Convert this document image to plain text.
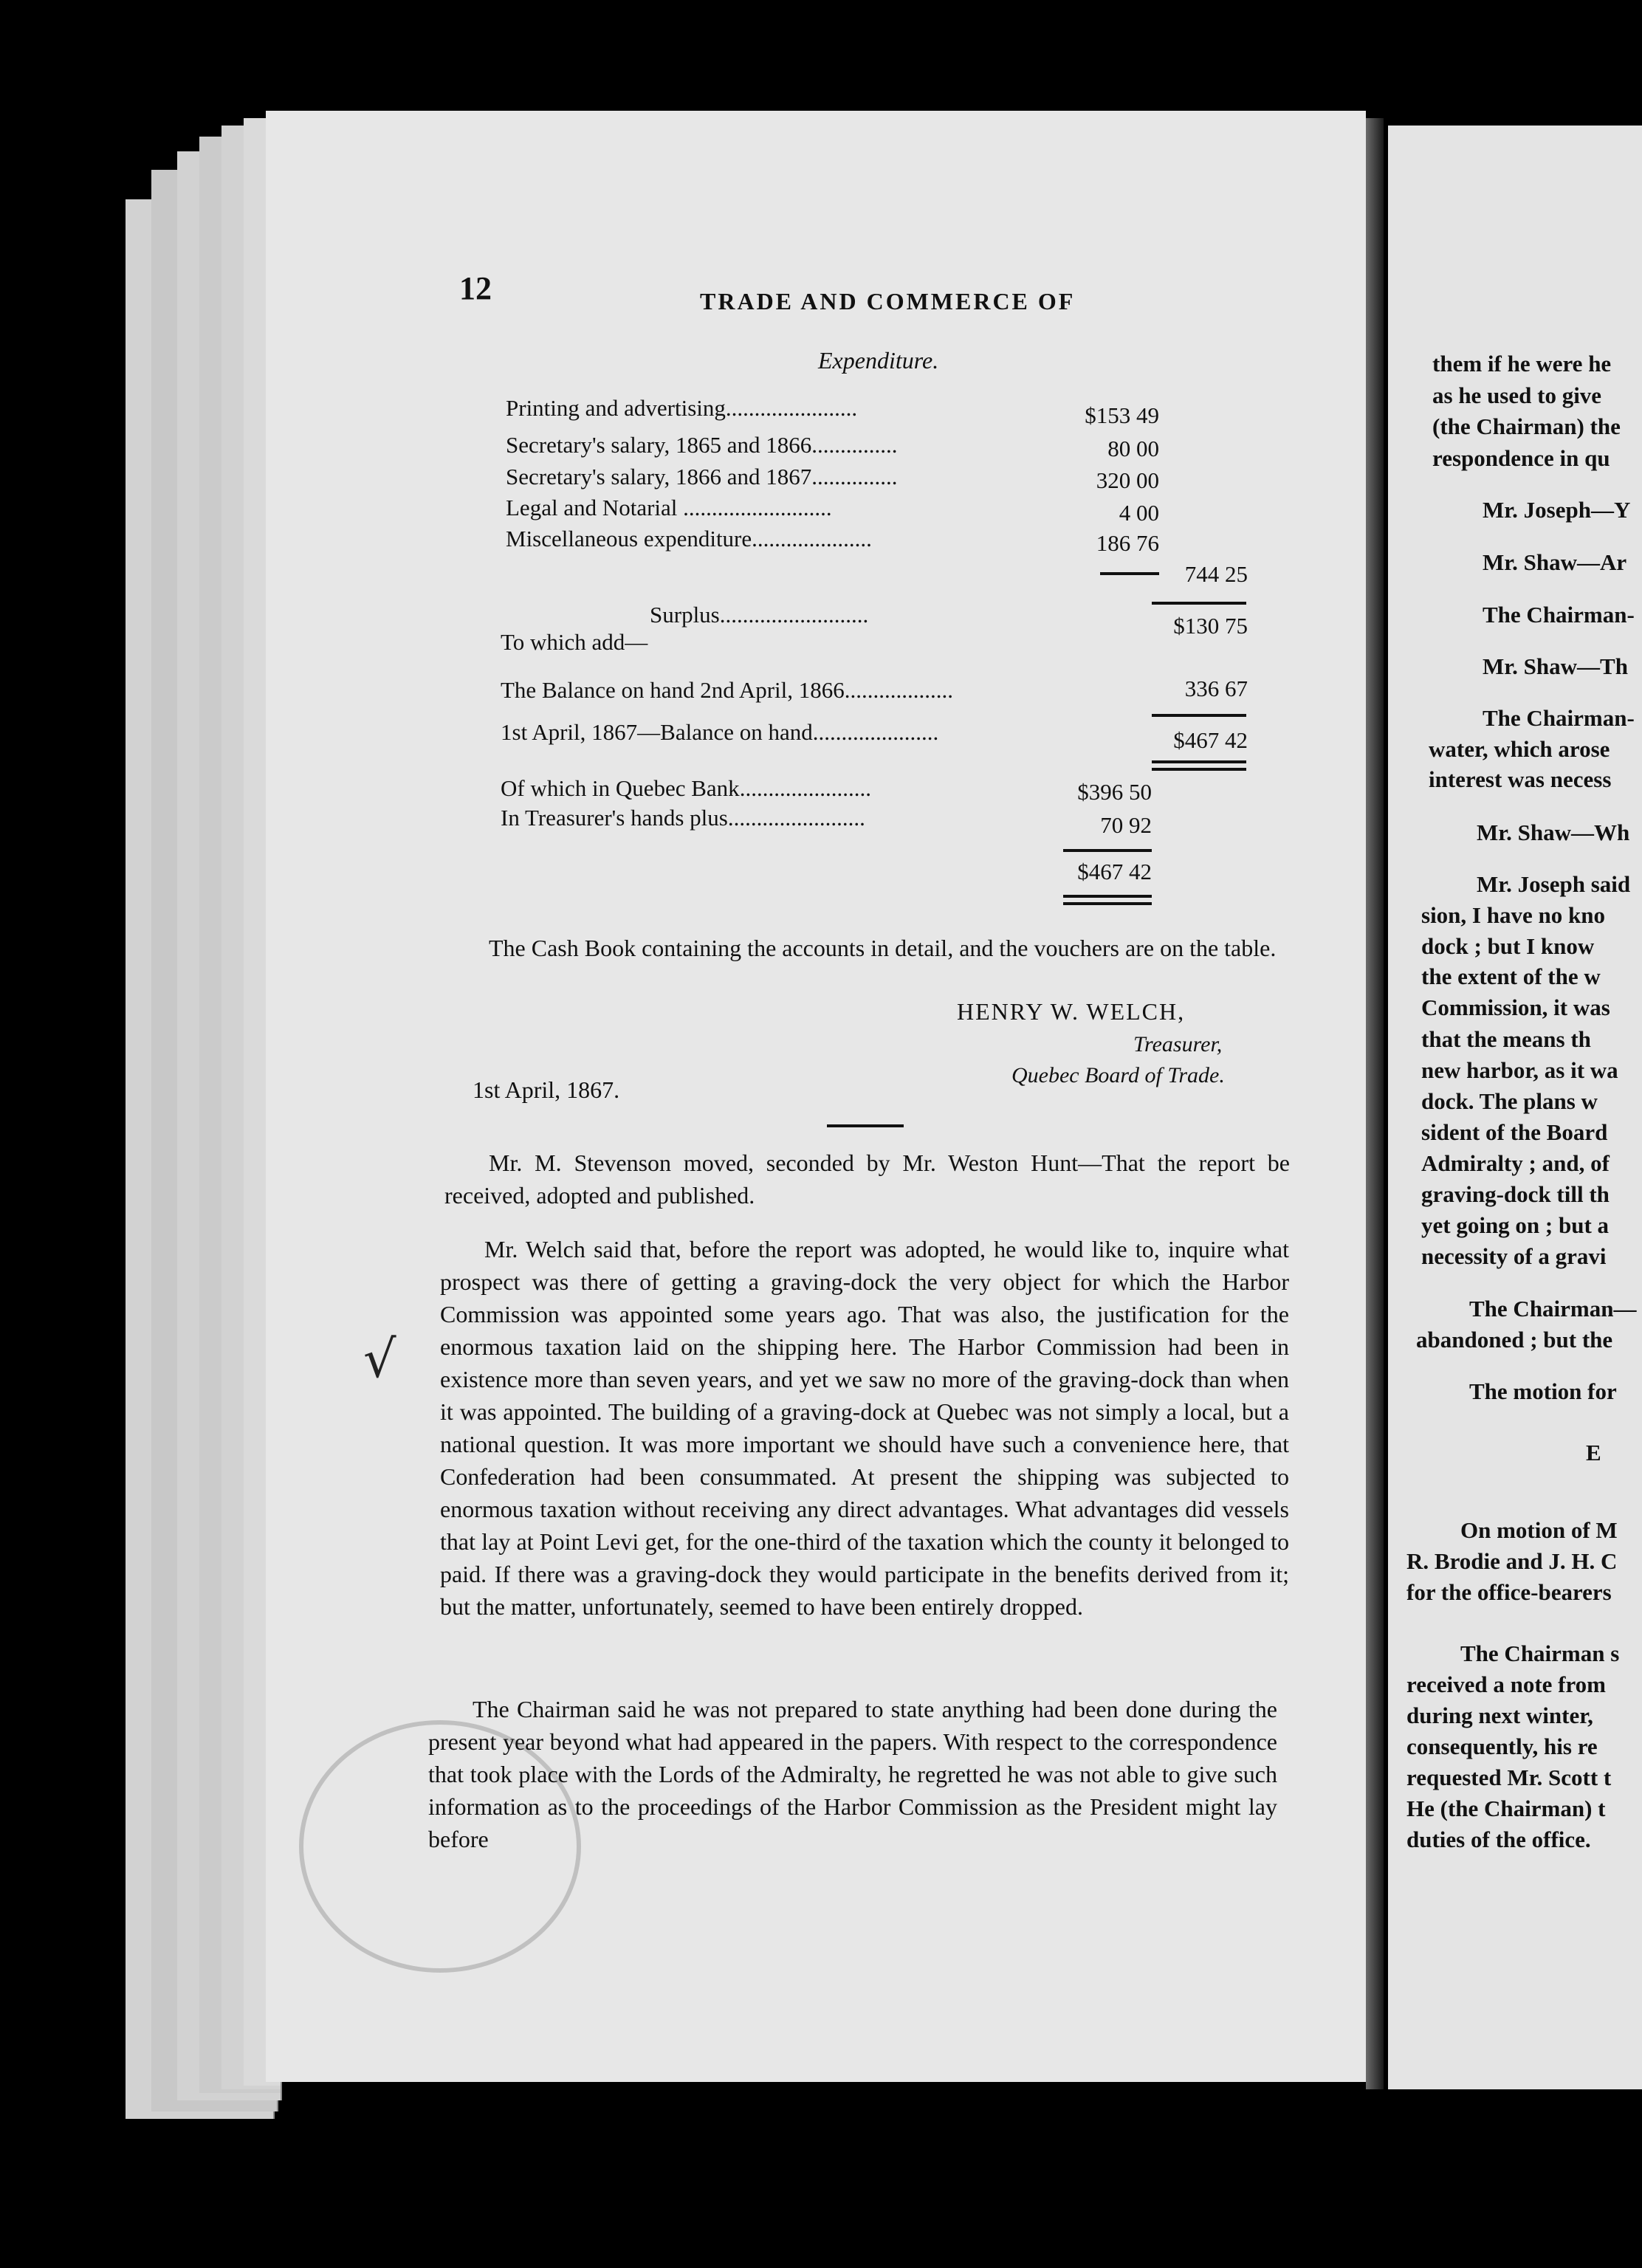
√
12	TRADE AND COMMERCE OF
Expenditure.
Printing and advertising.......................	$153 49
Secretary's salary, 1865 and 1866...............	80 00
Secretary's salary, 1866 and 1867...............	320 00
Legal and Notarial ..........................	4 00
Miscellaneous expenditure.....................	186 76
744 25
Surplus..........................	$130 75
To which add—
The Balance on hand 2nd April, 1866...................	336 67
1st April, 1867—Balance on hand......................	$467 42
Of which in Quebec Bank.......................	$396 50
In Treasurer's hands plus........................	70 92
$467 42

The Cash Book containing the accounts in detail, and the vouchers are on the table.

HENRY W. WELCH,
Treasurer,
Quebec Board of Trade.
1st April, 1867.

Mr. M. Stevenson moved, seconded by Mr. Weston Hunt—That the report be received, adopted and published.

Mr. Welch said that, before the report was adopted, he would like to, inquire what prospect was there of getting a graving-dock the very object for which the Harbor Commission was appointed some years ago. That was also, the justification for the enormous taxation laid on the shipping here. The Harbor Commission had been in existence more than seven years, and yet we saw no more of the graving-dock than when it was appointed. The building of a graving-dock at Quebec was not simply a local, but a national question. It was more important we should have such a convenience here, that Confederation had been consummated. At present the shipping was subjected to enormous taxation without receiving any direct advantages. What advantages did vessels that lay at Point Levi get, for the one-third of the taxation which the county it belonged to paid. If there was a graving-dock they would participate in the benefits derived from it; but the matter, unfortunately, seemed to have been entirely dropped.

The Chairman said he was not prepared to state anything had been done during the present year beyond what had appeared in the papers. With respect to the correspondence that took place with the Lords of the Admiralty, he regretted he was not able to give such information as to the proceedings of the Harbor Commission as the President might lay before

them if he were he
as he used to give
(the Chairman) the
respondence in qu
Mr. Joseph—Y
Mr. Shaw—Ar
The Chairman-
Mr. Shaw—Th
The Chairman-
water, which arose
interest was necess
Mr. Shaw—Wh
Mr. Joseph said
sion, I have no kno
dock ; but I know
the extent of the w
Commission, it was
that the means th
new harbor, as it wa
dock. The plans w
sident of the Board
Admiralty ; and, of
graving-dock till th
yet going on ; but a
necessity of a gravi
The Chairman—
abandoned ; but the
The motion for
E
On motion of M
R. Brodie and J. H. C
for the office-bearers
The Chairman s
received a note from
during next winter,
consequently, his re
requested Mr. Scott t
He (the Chairman) t
duties of the office.
